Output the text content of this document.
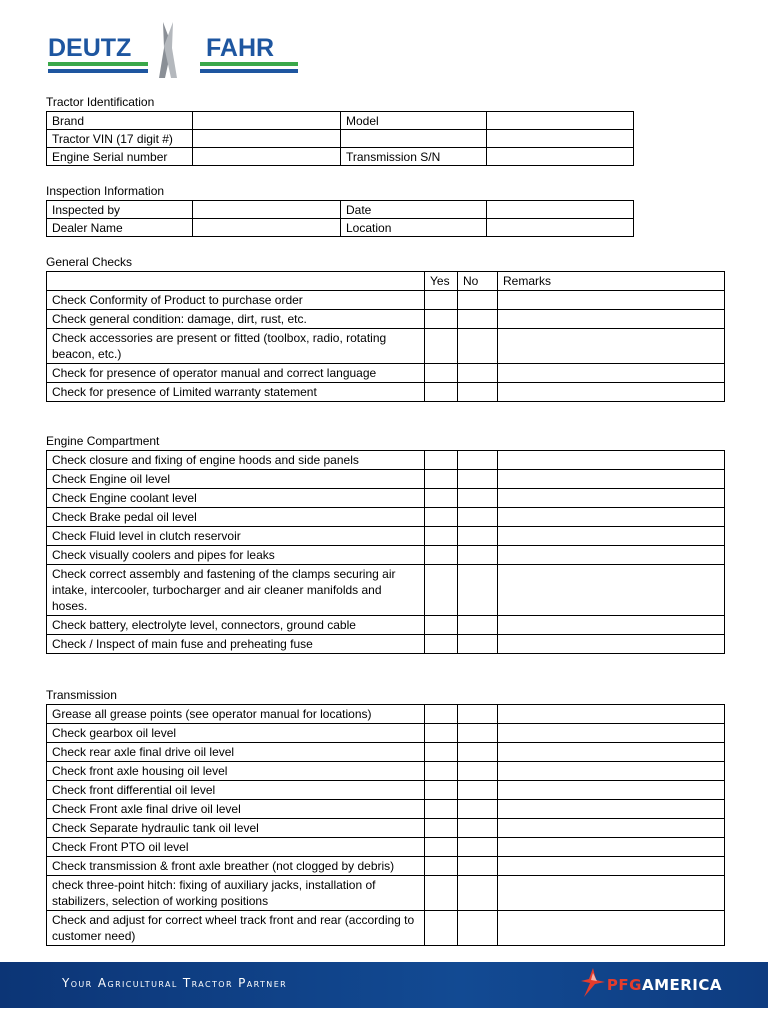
DEUTZ	FAHR
Tractor Identification
Brand		Model	
Tractor VIN (17 digit #)			
Engine Serial number		Transmission S/N	
Inspection Information
Inspected by		Date	
Dealer Name		Location	
General Checks
	Yes	No	Remarks
Check Conformity of Product to purchase order			
Check general condition: damage, dirt, rust, etc.			
Check accessories are present or fitted (toolbox, radio, rotating beacon, etc.)			
Check for presence of operator manual and correct language			
Check for presence of Limited warranty statement			
Engine Compartment
Check closure and fixing of engine hoods and side panels			
Check Engine oil level			
Check Engine coolant level			
Check Brake pedal oil level			
Check Fluid level in clutch reservoir			
Check visually coolers and pipes for leaks			
Check correct assembly and fastening of the clamps securing air intake, intercooler, turbocharger and air cleaner manifolds and hoses.			
Check battery, electrolyte level, connectors, ground cable			
Check / Inspect of main fuse and preheating fuse			
Transmission
Grease all grease points (see operator manual for locations)			
Check gearbox oil level			
Check rear axle final drive oil level			
Check front axle housing oil level			
Check front differential oil level			
Check Front axle final drive oil level			
Check Separate hydraulic tank oil level			
Check Front PTO oil level			
Check transmission & front axle breather (not clogged by debris)			
check three-point hitch: fixing of auxiliary jacks, installation of stabilizers, selection of working positions			
Check and adjust for correct wheel track front and rear (according to customer need)			
Your Agricultural Tractor Partner	PFGAMERICA
